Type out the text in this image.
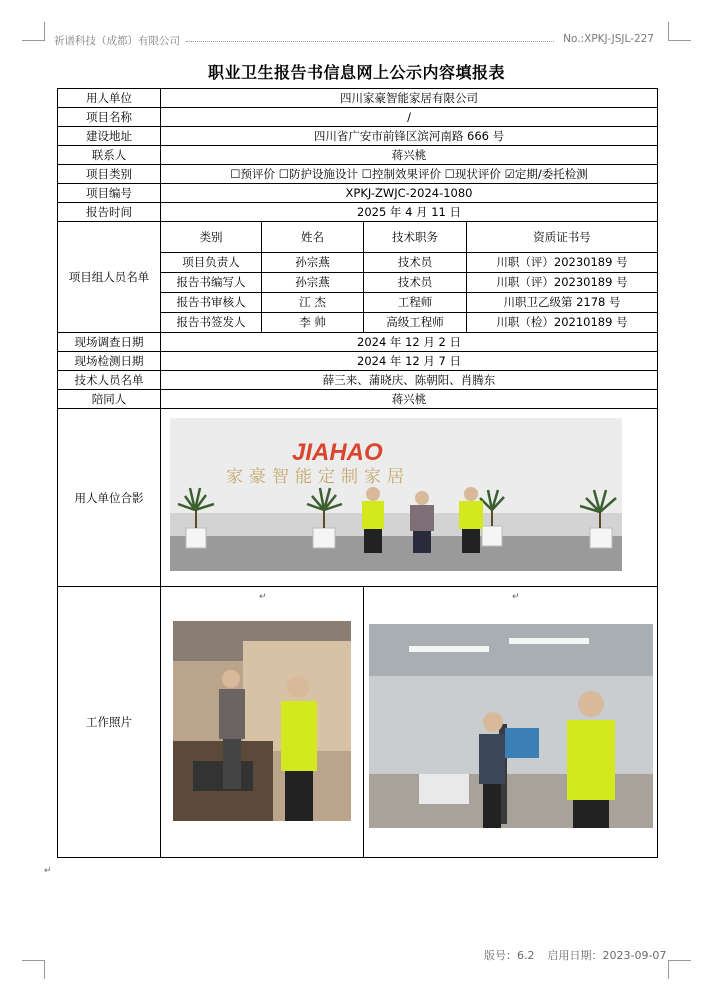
祈谱科技（成都）有限公司	No.:XPKJ-JSJL-227
职业卫生报告书信息网上公示内容填报表
用人单位	四川家豪智能家居有限公司			
项目名称	/			
建设地址	四川省广安市前锋区滨河南路 666 号			
联系人	蒋兴桃			
项目类别	☐预评价 ☐防护设施设计 ☐控制效果评价 ☐现状评价 ☑定期/委托检测			
项目编号	XPKJ-ZWJC-2024-1080			
报告时间	2025 年 4 月 11 日			
项目组人员名单	类别	姓名	技术职务	资质证书号
	项目负责人	孙宗燕	技术员	川职（评）20230189 号
	报告书编写人	孙宗燕	技术员	川职（评）20230189 号
	报告书审核人	江 杰	工程师	川职卫乙级第 2178 号
	报告书签发人	李 帅	高级工程师	川职（检）20210189 号
现场调查日期	2024 年 12 月 2 日			
现场检测日期	2024 年 12 月 7 日			
技术人员名单	薛三来、蒲晓庆、陈朝阳、肖腾东			
陪同人	蒋兴桃			
用人单位合影				
工作照片				
JIAHAO
家豪智能定制家居
↵	↵
↵
版号：6.2 启用日期：2023-09-07
